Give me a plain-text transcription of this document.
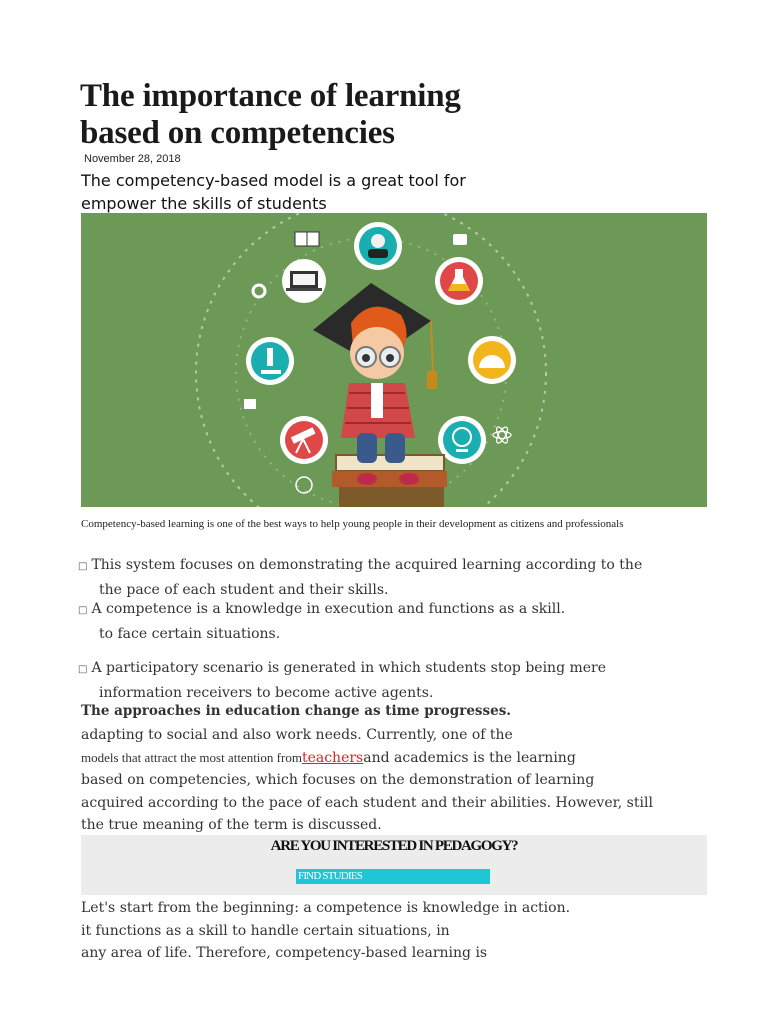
The importance of learning based on competencies
November 28, 2018
The competency-based model is a great tool for empower the skills of students
Competency-based learning is one of the best ways to help young people in their development as citizens and professionals
□ This system focuses on demonstrating the acquired learning according to the
the pace of each student and their skills.
□ A competence is a knowledge in execution and functions as a skill.
to face certain situations.
□ A participatory scenario is generated in which students stop being mere
information receivers to become active agents.
The approaches in education change as time progresses.
adapting to social and also work needs. Currently, one of the
models that attract the most attention fromteachersand academics is the learning
based on competencies, which focuses on the demonstration of learning
acquired according to the pace of each student and their abilities. However, still
the true meaning of the term is discussed.
ARE YOU INTERESTED IN PEDAGOGY?
FIND STUDIES
Let's start from the beginning: a competence is knowledge in action.
it functions as a skill to handle certain situations, in
any area of life. Therefore, competency-based learning is
